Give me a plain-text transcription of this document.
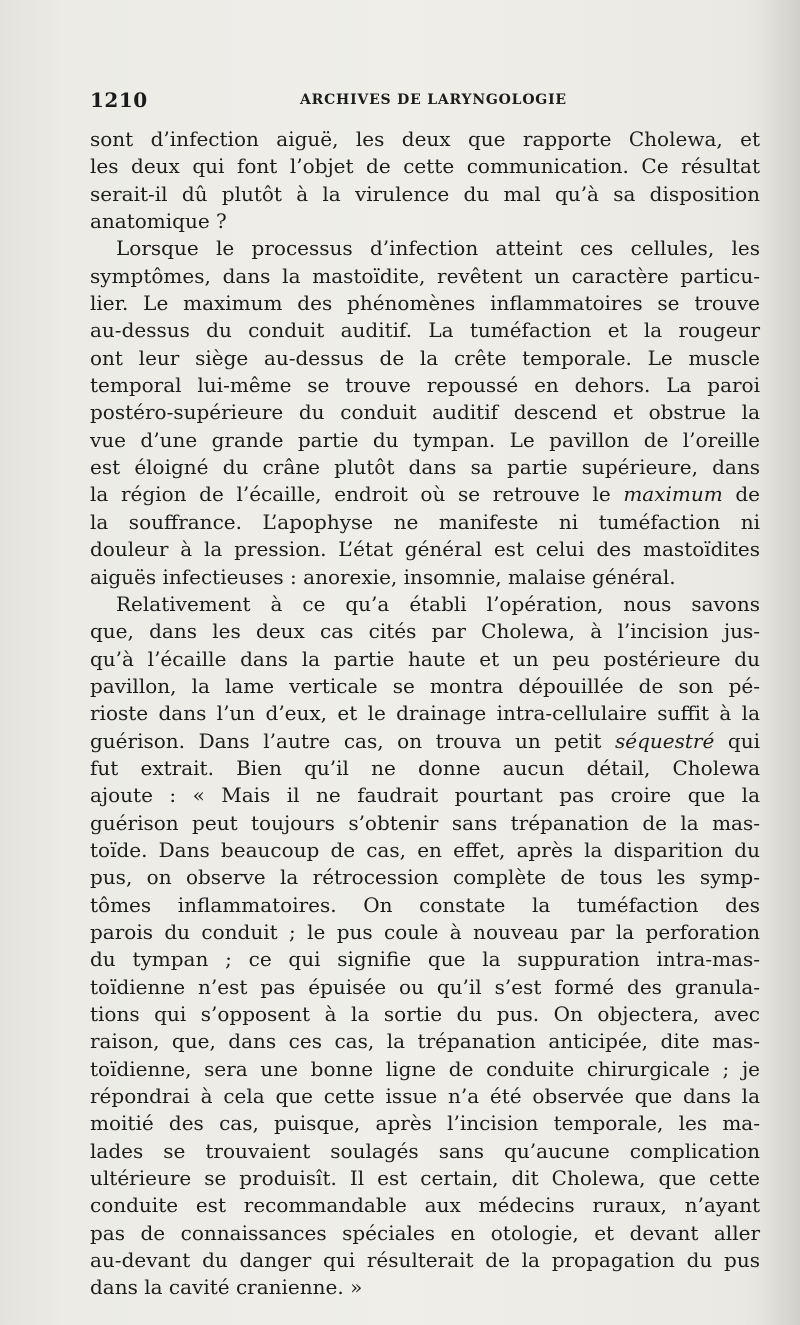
1210	ARCHIVES DE LARYNGOLOGIE
sont d’infection aiguë, les deux que rapporte Cholewa, et
les deux qui font l’objet de cette communication. Ce résultat
serait-il dû plutôt à la virulence du mal qu’à sa disposition
anatomique ?
Lorsque le processus d’infection atteint ces cellules, les
symptômes, dans la mastoïdite, revêtent un caractère particu-
lier. Le maximum des phénomènes inflammatoires se trouve
au-dessus du conduit auditif. La tuméfaction et la rougeur
ont leur siège au-dessus de la crête temporale. Le muscle
temporal lui-même se trouve repoussé en dehors. La paroi
postéro-supérieure du conduit auditif descend et obstrue la
vue d’une grande partie du tympan. Le pavillon de l’oreille
est éloigné du crâne plutôt dans sa partie supérieure, dans
la région de l’écaille, endroit où se retrouve le maximum de
la souffrance. L’apophyse ne manifeste ni tuméfaction ni
douleur à la pression. L’état général est celui des mastoïdites
aiguës infectieuses : anorexie, insomnie, malaise général.
Relativement à ce qu’a établi l’opération, nous savons
que, dans les deux cas cités par Cholewa, à l’incision jus-
qu’à l’écaille dans la partie haute et un peu postérieure du
pavillon, la lame verticale se montra dépouillée de son pé-
rioste dans l’un d’eux, et le drainage intra-cellulaire suffit à la
guérison. Dans l’autre cas, on trouva un petit séquestré qui
fut extrait. Bien qu’il ne donne aucun détail, Cholewa
ajoute : « Mais il ne faudrait pourtant pas croire que la
guérison peut toujours s’obtenir sans trépanation de la mas-
toïde. Dans beaucoup de cas, en effet, après la disparition du
pus, on observe la rétrocession complète de tous les symp-
tômes inflammatoires. On constate la tuméfaction des
parois du conduit ; le pus coule à nouveau par la perforation
du tympan ; ce qui signifie que la suppuration intra-mas-
toïdienne n’est pas épuisée ou qu’il s’est formé des granula-
tions qui s’opposent à la sortie du pus. On objectera, avec
raison, que, dans ces cas, la trépanation anticipée, dite mas-
toïdienne, sera une bonne ligne de conduite chirurgicale ; je
répondrai à cela que cette issue n’a été observée que dans la
moitié des cas, puisque, après l’incision temporale, les ma-
lades se trouvaient soulagés sans qu’aucune complication
ultérieure se produisît. Il est certain, dit Cholewa, que cette
conduite est recommandable aux médecins ruraux, n’ayant
pas de connaissances spéciales en otologie, et devant aller
au-devant du danger qui résulterait de la propagation du pus
dans la cavité cranienne. »
